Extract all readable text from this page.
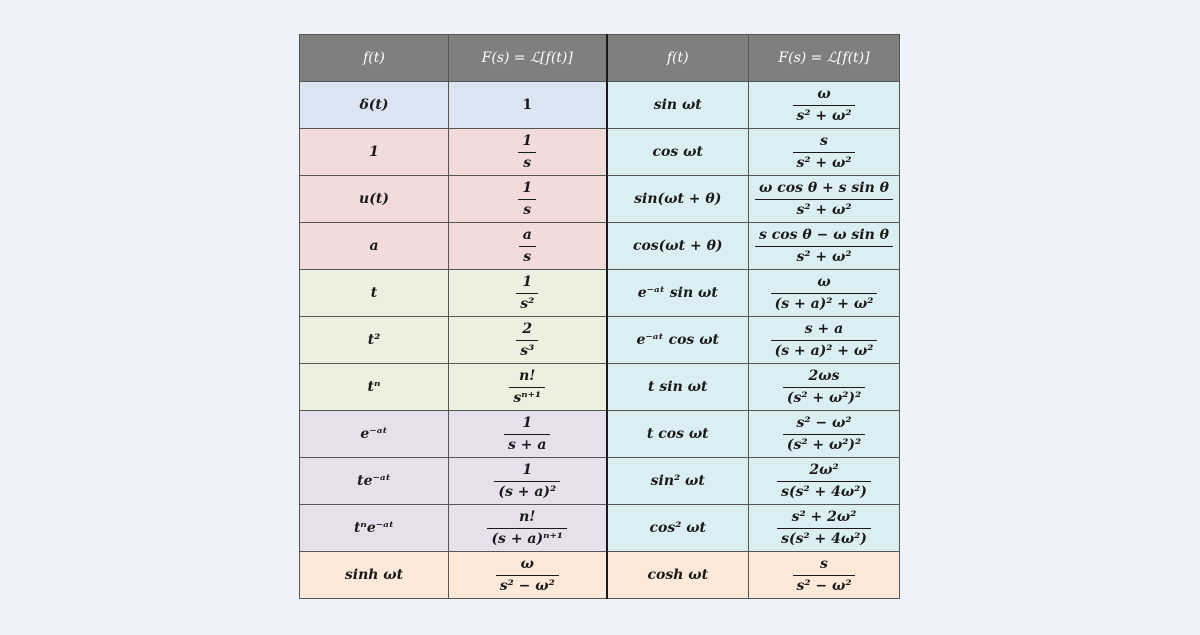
f(t)	F(s) = ℒ[f(t)]	f(t)	F(s) = ℒ[f(t)]
δ(t)	1	sin ωt	$\frac{\omega}{\text{s² + ω²}}$

1	$\frac{1}{s}$	cos ωt	$\frac{s}{\text{s² + ω²}}$

u(t)	$\frac{1}{s}$	sin(ωt + θ)	$\frac{\text{ω cos θ + s sin θ}}{\text{s² + ω²}}$

a	$\frac{a}{s}$	cos(ωt + θ)	$\frac{\text{s cos θ − ω sin θ}}{\text{s² + ω²}}$

t	$\frac{1}{\text{s²}}$	e⁻ᵃᵗ sin ωt	$\frac{\omega}{\text{(s + a)² + ω²}}$

t²	$\frac{2}{\text{s³}}$	e⁻ᵃᵗ cos ωt	$\frac{s + a}{\text{(s + a)² + ω²}}$

tⁿ	$\frac{n!}{\text{sⁿ⁺¹}}$	t sin ωt	$\frac{2\omega s}{\text{(s² + ω²)²}}$

e⁻ᵃᵗ	$\frac{1}{s + a}$	t cos ωt	$\frac{\text{s² − ω²}}{\text{(s² + ω²)²}}$

te⁻ᵃᵗ	$\frac{1}{\text{(s + a)²}}$	sin² ωt	$\frac{\text{2ω²}}{\text{s(s² + 4ω²)}}$

tⁿe⁻ᵃᵗ	$\frac{n!}{\text{(s + a)ⁿ⁺¹}}$	cos² ωt	$\frac{\text{s² + 2ω²}}{\text{s(s² + 4ω²)}}$

sinh ωt	$\frac{\omega}{\text{s² − ω²}}$	cosh ωt	$\frac{s}{\text{s² − ω²}}$
